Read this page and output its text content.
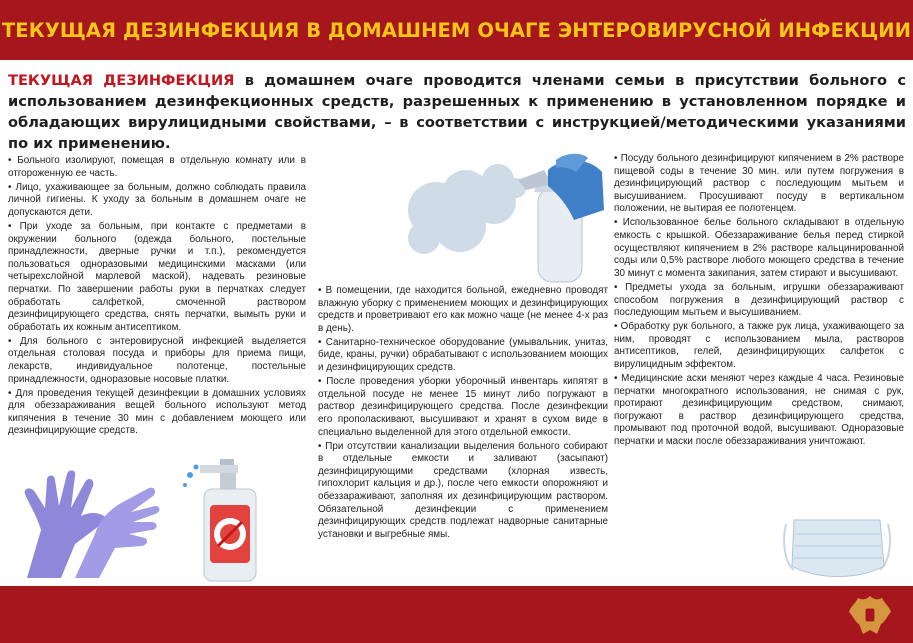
ТЕКУЩАЯ ДЕЗИНФЕКЦИЯ В ДОМАШНЕМ ОЧАГЕ ЭНТЕРОВИРУСНОЙ ИНФЕКЦИИ
ТЕКУЩАЯ ДЕЗИНФЕКЦИЯ в домашнем очаге проводится членами семьи в присутствии больного с использованием дезинфекционных средств, разрешенных к применению в установленном порядке и обладающих вирулицидными свойствами, – в соответствии с инструкцией/методическими указаниями по их применению.

• Больного изолируют, помещая в отдельную комнату или в отгороженную ее часть.

• Лицо, ухаживающее за больным, должно соблюдать правила личной гигиены. К уходу за больным в домашнем очаге не допускаются дети.

• При уходе за больным, при контакте с предметами в окружении больного (одежда больного, постельные принадлежности, дверные ручки и т.п.), рекомендуется пользоваться одноразовыми медицинскими масками (или четырехслойной марлевой маской), надевать резиновые перчатки. По завершении работы руки в перчатках следует обработать салфеткой, смоченной раствором дезинфицирующего средства, снять перчатки, вымыть руки и обработать их кожным антисептиком.

• Для больного с энтеровирусной инфекцией выделяется отдельная столовая посуда и приборы для приема пищи, лекарств, индивидуальное полотенце, постельные принадлежности, одноразовые носовые платки.

• Для проведения текущей дезинфекции в домашних условиях для обеззараживания вещей больного используют метод кипячения в течение 30 мин с добавлением моющего или дезинфицирующие средств.

• В помещении, где находится больной, ежедневно проводят влажную уборку с применением моющих и дезинфицирующих средств и проветривают его как можно чаще (не менее 4-х раз в день).

• Санитарно-техническое оборудование (умывальник, унитаз, биде, краны, ручки) обрабатывают с использованием моющих и дезинфицирующих средств.

• После проведения уборки уборочный инвентарь кипятят в отдельной посуде не менее 15 минут либо погружают в раствор дезинфицирующего средства. После дезинфекции его прополаскивают, высушивают и хранят в сухом виде в специально выделенной для этого отдельной емкости.

• При отсутствии канализации выделения больного собирают в отдельные емкости и заливают (засыпают) дезинфицирующими средствами (хлорная известь, гипохлорит кальция и др.), после чего емкости опорожняют и обеззараживают, заполняя их дезинфицирующим раствором. Обязательной дезинфекции с применением дезинфицирующих средств подлежат надворные санитарные установки и выгребные ямы.

• Посуду больного дезинфицируют кипячением в 2% растворе пищевой соды в течение 30 мин. или путем погружения в дезинфицирующий раствор с последующим мытьем и высушиванием. Просушивают посуду в вертикальном положении, не вытирая ее полотенцем.

• Использованное белье больного складывают в отдельную емкость с крышкой. Обеззараживание белья перед стиркой осуществляют кипячением в 2% растворе кальцинированной соды или 0,5% растворе любого моющего средства в течение 30 минут с момента закипания, затем стирают и высушивают.

• Предметы ухода за больным, игрушки обеззараживают способом погружения в дезинфицирующий раствор с последующим мытьем и высушиванием.

• Обработку рук больного, а также рук лица, ухаживающего за ним, проводят с использованием мыла, растворов антисептиков, гелей, дезинфицирующих салфеток с вирулицидным эффектом.

• Медицинские аски меняют через каждые 4 часа. Резиновые перчатки многократного использования, не снимая с рук, протирают дезинфицирующим средством, снимают, погружают в раствор дезинфицирующего средства, промывают под проточной водой, высушивают. Одноразовые перчатки и маски после обеззараживания уничтожают.
